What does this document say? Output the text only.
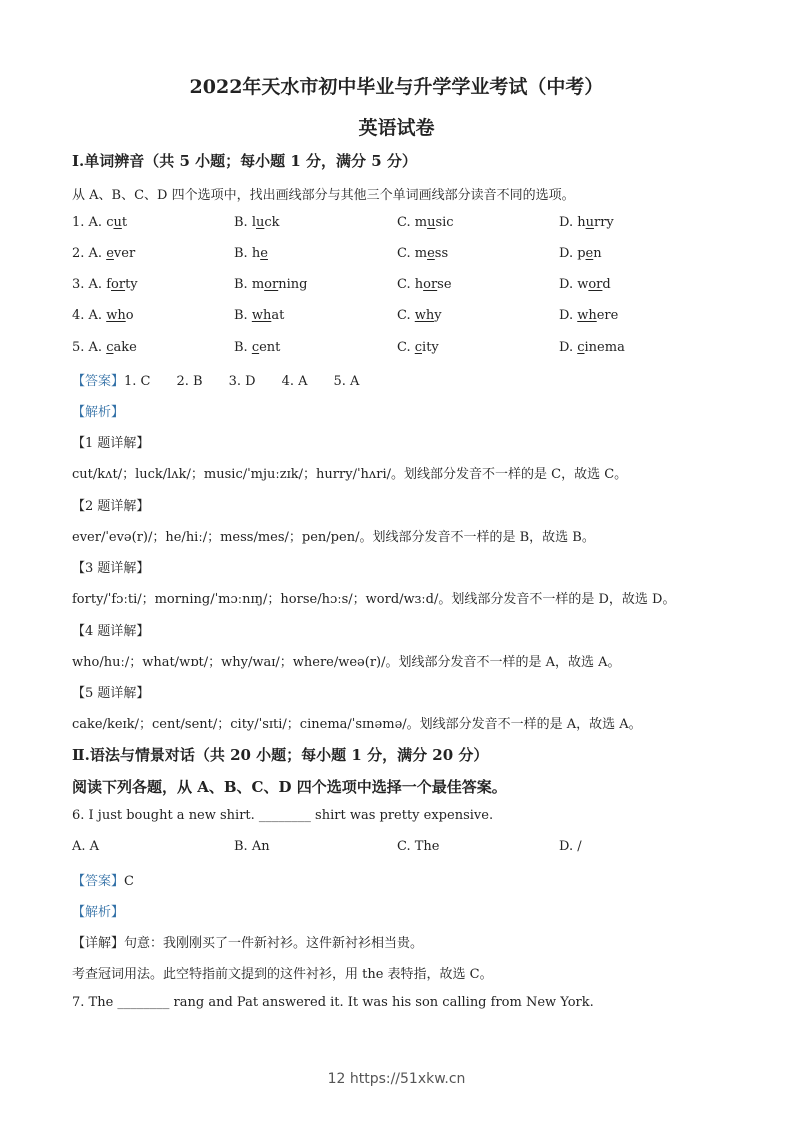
2022年天水市初中毕业与升学学业考试（中考）
英语试卷
Ⅰ.单词辨音（共 5 小题；每小题 1 分，满分 5 分）
从 A、B、C、D 四个选项中，找出画线部分与其他三个单词画线部分读音不同的选项。
1. A. cut	B. luck	C. music	D. hurry
2. A. ever	B. he	C. mess	D. pen
3. A. forty	B. morning	C. horse	D. word
4. A. who	B. what	C. why	D. where
5. A. cake	B. cent	C. city	D. cinema
【答案】1. C 2. B 3. D 4. A 5. A
【解析】
【1 题详解】
cut/kʌt/；luck/lʌk/；music/ˈmjuːzɪk/；hurry/ˈhʌri/。划线部分发音不一样的是 C，故选 C。
【2 题详解】
ever/ˈevə(r)/；he/hiː/；mess/mes/；pen/pen/。划线部分发音不一样的是 B，故选 B。
【3 题详解】
forty/ˈfɔːti/；morning/ˈmɔːnɪŋ/；horse/hɔːs/；word/wɜːd/。划线部分发音不一样的是 D，故选 D。
【4 题详解】
who/huː/；what/wɒt/；why/waɪ/；where/weə(r)/。划线部分发音不一样的是 A，故选 A。
【5 题详解】
cake/keɪk/；cent/sent/；city/ˈsɪti/；cinema/ˈsɪnəmə/。划线部分发音不一样的是 A，故选 A。
Ⅱ.语法与情景对话（共 20 小题；每小题 1 分，满分 20 分）
阅读下列各题，从 A、B、C、D 四个选项中选择一个最佳答案。
6. I just bought a new shirt. ________ shirt was pretty expensive.
A. A	B. An	C. The	D. /
【答案】C
【解析】
【详解】句意：我刚刚买了一件新衬衫。这件新衬衫相当贵。
考查冠词用法。此空特指前文提到的这件衬衫，用 the 表特指，故选 C。
7. The ________ rang and Pat answered it. It was his son calling from New York.
12 https://51xkw.cn
